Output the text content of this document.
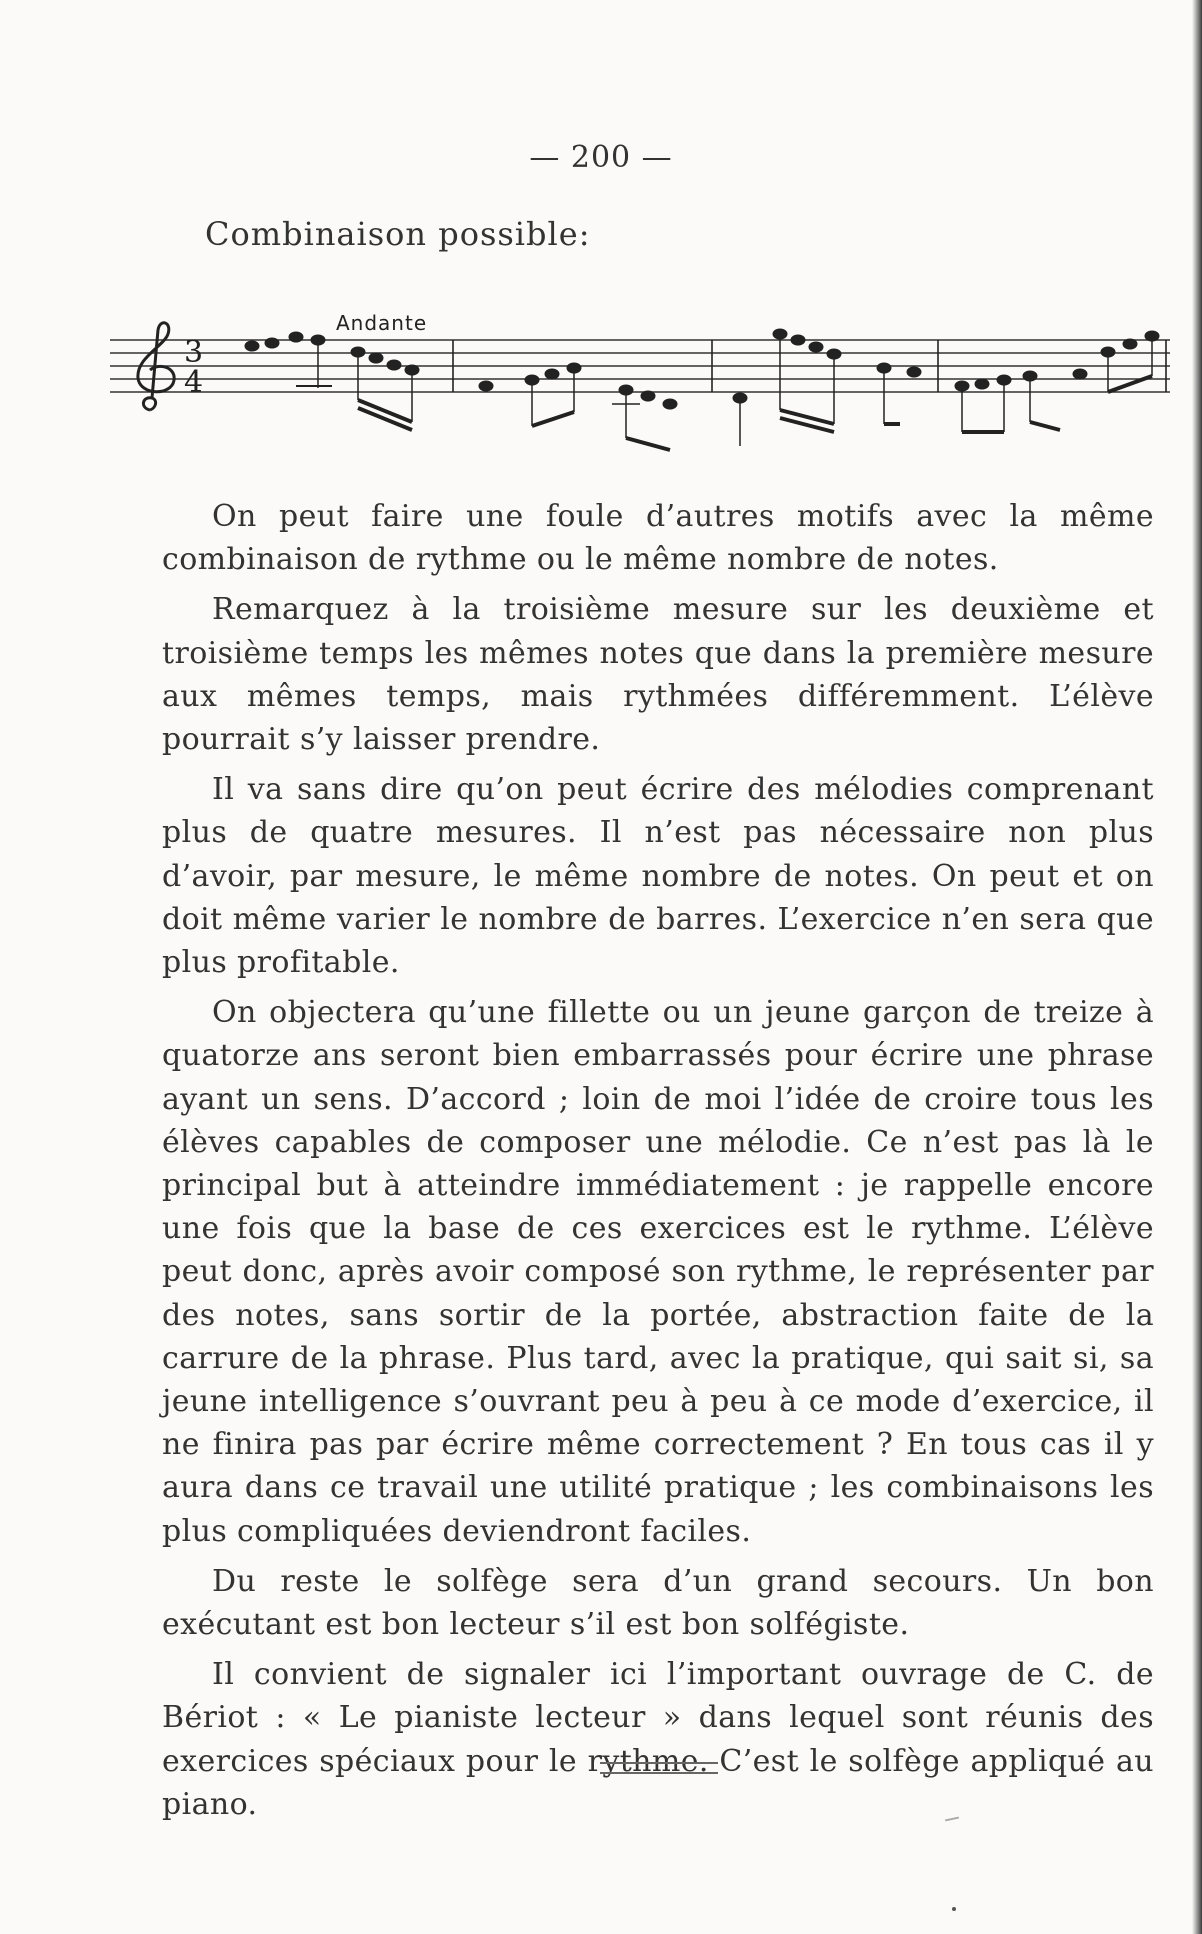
— 200 —
Combinaison possible:
3
4
Andante

On peut faire une foule d’autres motifs avec la même combinaison de rythme ou le même nombre de notes.

Remarquez à la troisième mesure sur les deuxième et troisième temps les mêmes notes que dans la première mesure aux mêmes temps, mais rythmées différemment. L’élève pourrait s’y laisser prendre.

Il va sans dire qu’on peut écrire des mélodies comprenant plus de quatre mesures. Il n’est pas nécessaire non plus d’avoir, par mesure, le même nombre de notes. On peut et on doit même varier le nombre de barres. L’exercice n’en sera que plus profitable.

On objectera qu’une fillette ou un jeune garçon de treize à quatorze ans seront bien embarrassés pour écrire une phrase ayant un sens. D’accord ; loin de moi l’idée de croire tous les élèves capables de composer une mélodie. Ce n’est pas là le principal but à atteindre immédiatement : je rappelle encore une fois que la base de ces exercices est le rythme. L’élève peut donc, après avoir composé son rythme, le représenter par des notes, sans sortir de la portée, abstraction faite de la carrure de la phrase. Plus tard, avec la pratique, qui sait si, sa jeune intelligence s’ouvrant peu à peu à ce mode d’exercice, il ne finira pas par écrire même correctement ? En tous cas il y aura dans ce travail une utilité pratique ; les combinaisons les plus compliquées deviendront faciles.

Du reste le solfège sera d’un grand secours. Un bon exécutant est bon lecteur s’il est bon solfégiste.

Il convient de signaler ici l’important ouvrage de C. de Bériot : « Le pianiste lecteur » dans lequel sont réunis des exercices spéciaux pour le rythme. C’est le solfège appliqué au piano.
